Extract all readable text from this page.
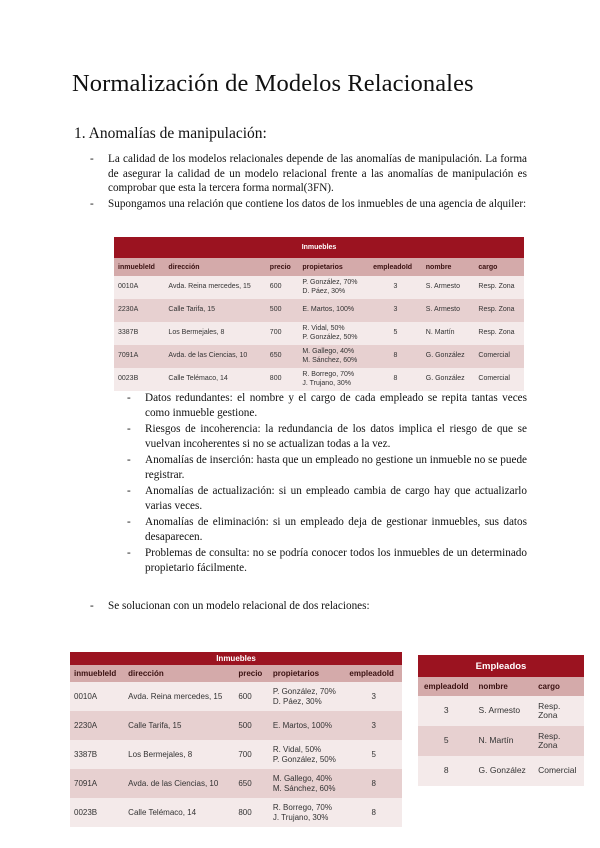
Normalización de Modelos Relacionales
1. Anomalías de manipulación:
- La calidad de los modelos relacionales depende de las anomalías de manipulación. La forma de asegurar la calidad de un modelo relacional frente a las anomalías de manipulación es comprobar que esta la tercera forma normal(3FN).
- Supongamos una relación que contiene los datos de los inmuebles de una agencia de alquiler:
Inmuebles						
inmuebleId	dirección	precio	propietarios	empleadoId	nombre	cargo
0010A	Avda. Reina mercedes, 15	600	P. González, 70%
D. Páez, 30%	3	S. Armesto	Resp. Zona
2230A	Calle Tarifa, 15	500	E. Martos, 100%	3	S. Armesto	Resp. Zona
3387B	Los Bermejales, 8	700	R. Vidal, 50%
P. González, 50%	5	N. Martín	Resp. Zona
7091A	Avda. de las Ciencias, 10	650	M. Gallego, 40%
M. Sánchez, 60%	8	G. González	Comercial
0023B	Calle Telémaco, 14	800	R. Borrego, 70%
J. Trujano, 30%	8	G. González	Comercial
- Datos redundantes: el nombre y el cargo de cada empleado se repita tantas veces como inmueble gestione.
- Riesgos de incoherencia: la redundancia de los datos implica el riesgo de que se vuelvan incoherentes si no se actualizan todas a la vez.
- Anomalías de inserción: hasta que un empleado no gestione un inmueble no se puede registrar.
- Anomalías de actualización: si un empleado cambia de cargo hay que actualizarlo varias veces.
- Anomalías de eliminación: si un empleado deja de gestionar inmuebles, sus datos desaparecen.
- Problemas de consulta: no se podría conocer todos los inmuebles de un determinado propietario fácilmente.
- Se solucionan con un modelo relacional de dos relaciones:
Inmuebles				
inmuebleId	dirección	precio	propietarios	empleadoId
0010A	Avda. Reina mercedes, 15	600	P. González, 70%
D. Páez, 30%	3
2230A	Calle Tarifa, 15	500	E. Martos, 100%	3
3387B	Los Bermejales, 8	700	R. Vidal, 50%
P. González, 50%	5
7091A	Avda. de las Ciencias, 10	650	M. Gallego, 40%
M. Sánchez, 60%	8
0023B	Calle Telémaco, 14	800	R. Borrego, 70%
J. Trujano, 30%	8
Empleados		
empleadoId	nombre	cargo
3	S. Armesto	Resp.
Zona
5	N. Martín	Resp.
Zona
8	G. González	Comercial
